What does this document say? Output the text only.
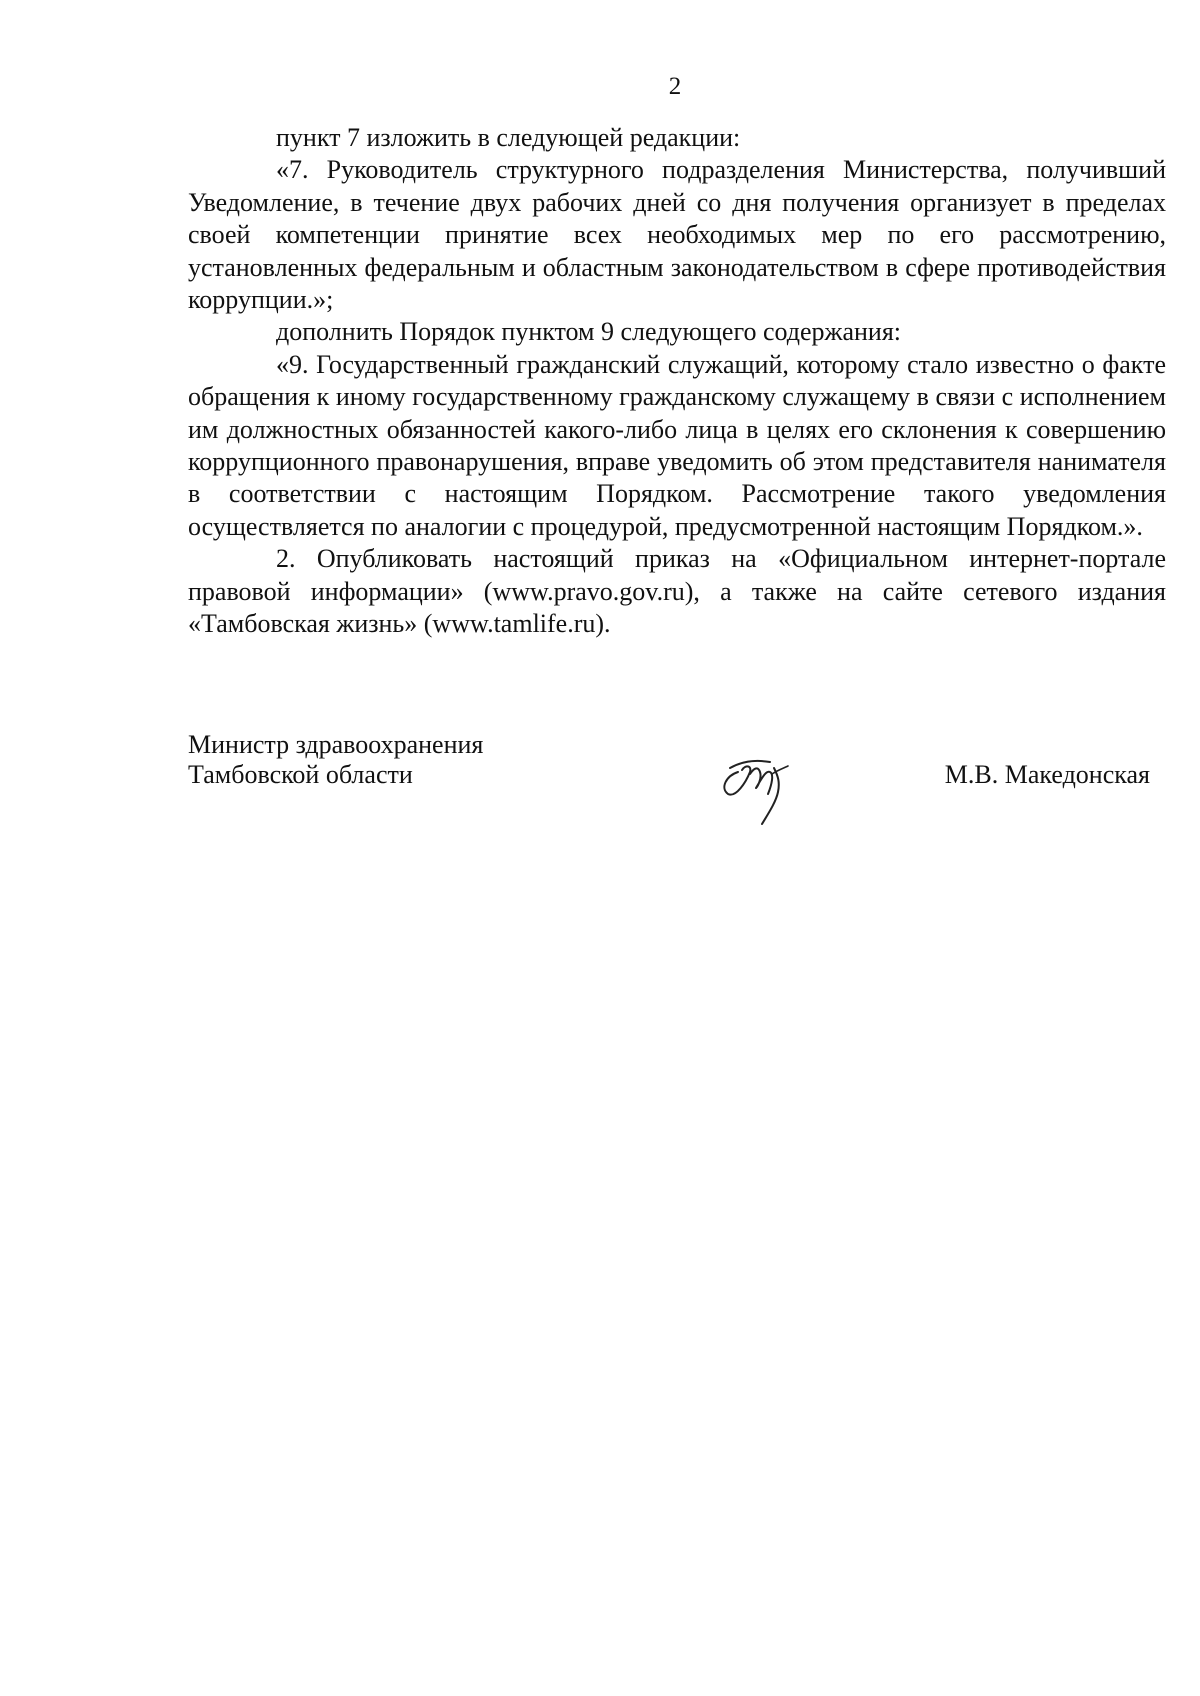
2

пункт 7 изложить в следующей редакции:

«7. Руководитель структурного подразделения Министерства, получивший Уведомление, в течение двух рабочих дней со дня получения организует в пределах своей компетенции принятие всех необходимых мер по его рассмотрению, установленных федеральным и областным законодательством в сфере противодействия коррупции.»;

дополнить Порядок пунктом 9 следующего содержания:

«9. Государственный гражданский служащий, которому стало известно о факте обращения к иному государственному гражданскому служащему в связи с исполнением им должностных обязанностей какого-либо лица в целях его склонения к совершению коррупционного правонарушения, вправе уведомить об этом представителя нанимателя в соответствии с настоящим Порядком. Рассмотрение такого уведомления осуществляется по аналогии с процедурой, предусмотренной настоящим Порядком.».

2. Опубликовать настоящий приказ на «Официальном интернет-портале правовой информации» (www.pravo.gov.ru), а также на сайте сетевого издания «Тамбовская жизнь» (www.tamlife.ru).

Министр здравоохранения
Тамбовской области	М.В. Македонская
